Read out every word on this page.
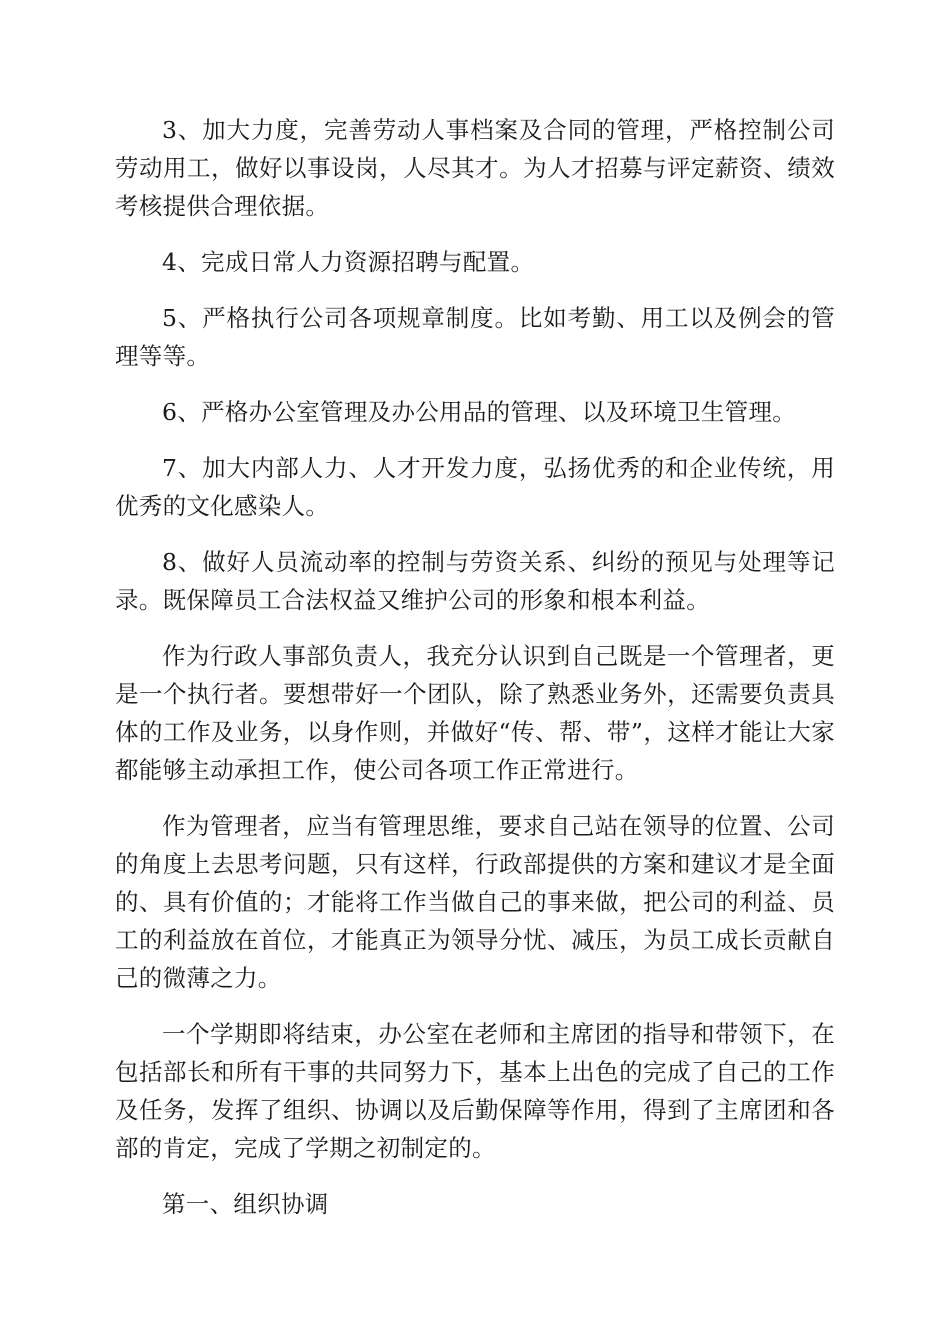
3、加大力度，完善劳动人事档案及合同的管理，严格控制公司劳动用工，做好以事设岗，人尽其才。为人才招募与评定薪资、绩效考核提供合理依据。

4、完成日常人力资源招聘与配置。

5、严格执行公司各项规章制度。比如考勤、用工以及例会的管理等等。

6、严格办公室管理及办公用品的管理、以及环境卫生管理。

7、加大内部人力、人才开发力度，弘扬优秀的和企业传统，用优秀的文化感染人。

8、做好人员流动率的控制与劳资关系、纠纷的预见与处理等记录。既保障员工合法权益又维护公司的形象和根本利益。

作为行政人事部负责人，我充分认识到自己既是一个管理者，更是一个执行者。要想带好一个团队，除了熟悉业务外，还需要负责具体的工作及业务，以身作则，并做好“传、帮、带”，这样才能让大家都能够主动承担工作，使公司各项工作正常进行。

作为管理者，应当有管理思维，要求自己站在领导的位置、公司的角度上去思考问题，只有这样，行政部提供的方案和建议才是全面的、具有价值的；才能将工作当做自己的事来做，把公司的利益、员工的利益放在首位，才能真正为领导分忧、减压，为员工成长贡献自己的微薄之力。

一个学期即将结束，办公室在老师和主席团的指导和带领下，在包括部长和所有干事的共同努力下，基本上出色的完成了自己的工作及任务，发挥了组织、协调以及后勤保障等作用，得到了主席团和各部的肯定，完成了学期之初制定的。

第一、组织协调
